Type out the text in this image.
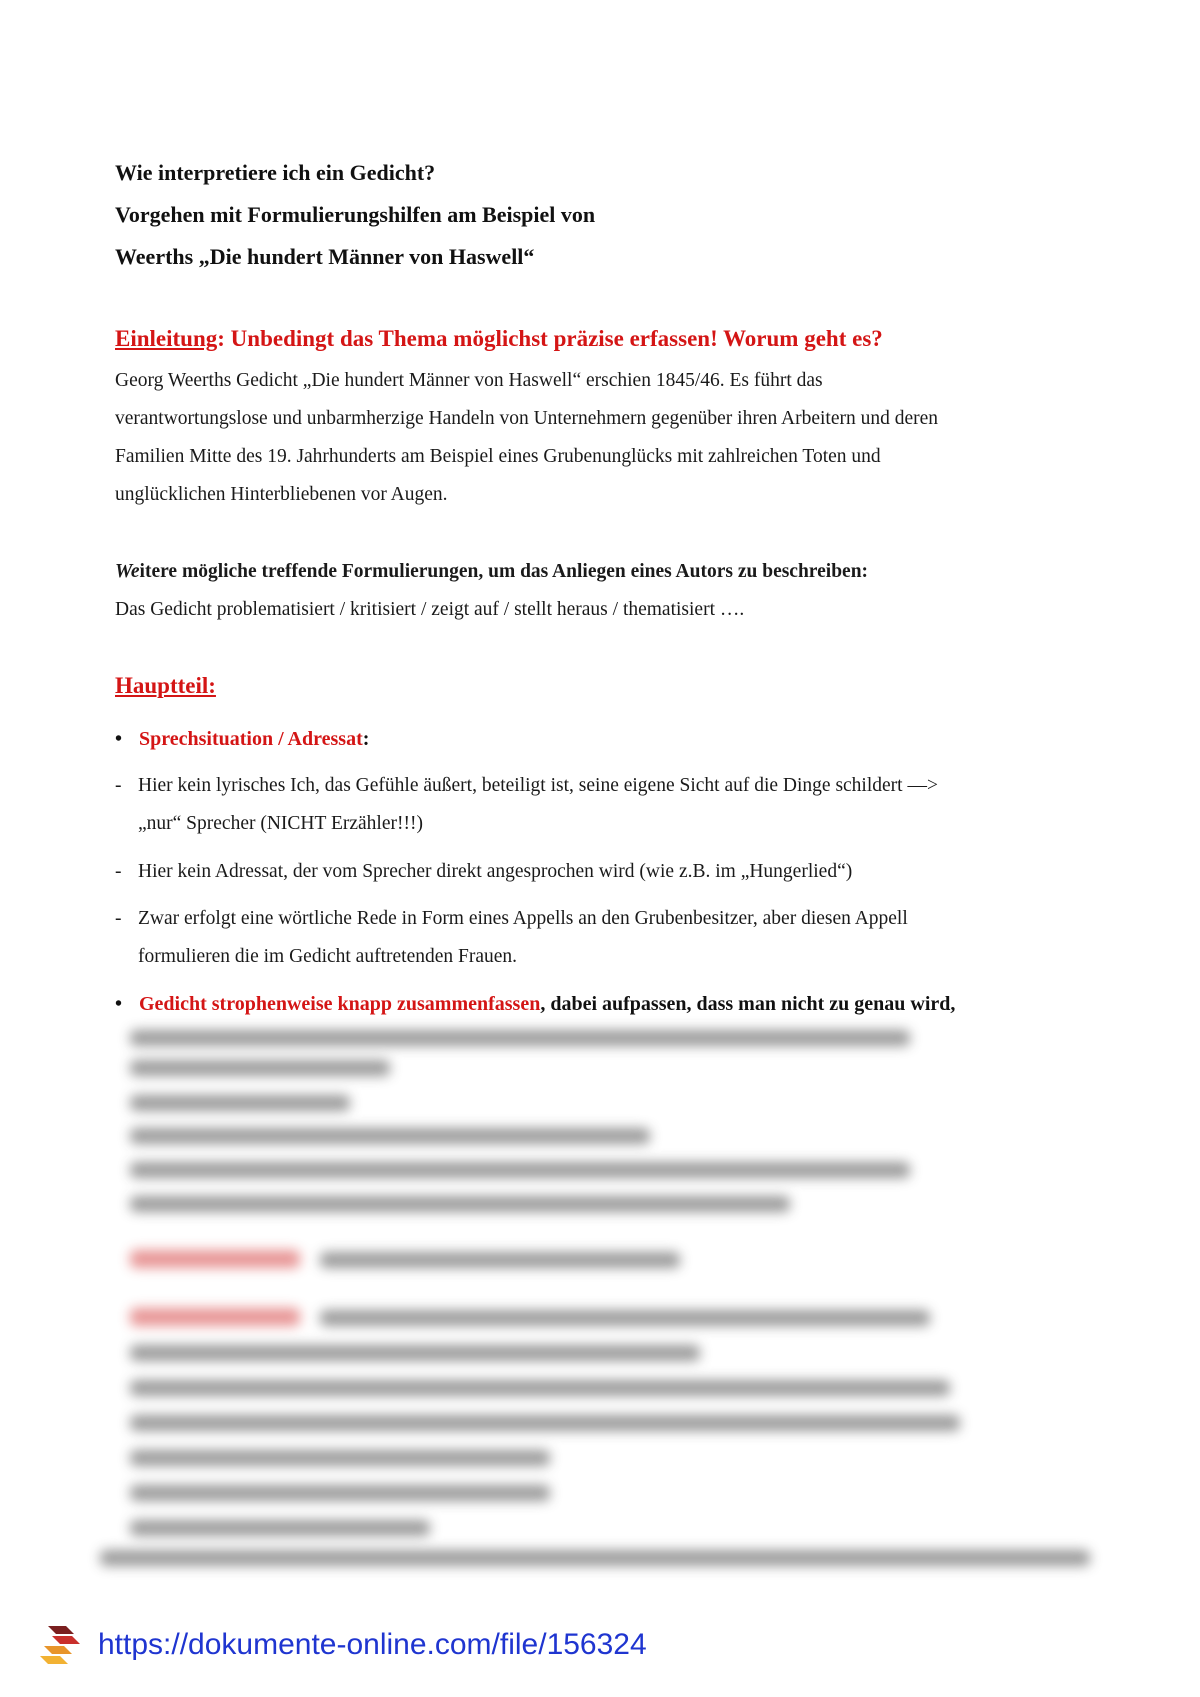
Wie interpretiere ich ein Gedicht?

Vorgehen mit Formulierungshilfen am Beispiel von

Weerths „Die hundert Männer von Haswell“

Einleitung: Unbedingt das Thema möglichst präzise erfassen! Worum geht es?

Georg Weerths Gedicht „Die hundert Männer von Haswell“ erschien 1845/46. Es führt das
verantwortungslose und unbarmherzige Handeln von Unternehmern gegenüber ihren Arbeitern und deren
Familien Mitte des 19. Jahrhunderts am Beispiel eines Grubenunglücks mit zahlreichen Toten und
unglücklichen Hinterbliebenen vor Augen.
Weitere mögliche treffende Formulierungen, um das Anliegen eines Autors zu beschreiben:
Das Gedicht problematisiert / kritisiert / zeigt auf / stellt heraus / thematisiert ….

Hauptteil:

• Sprechsituation / Adressat:

- Hier kein lyrisches Ich, das Gefühle äußert, beteiligt ist, seine eigene Sicht auf die Dinge schildert —>
„nur“ Sprecher (NICHT Erzähler!!!)
- Hier kein Adressat, der vom Sprecher direkt angesprochen wird (wie z.B. im „Hungerlied“)
- Zwar erfolgt eine wörtliche Rede in Form eines Appells an den Grubenbesitzer, aber diesen Appell
formulieren die im Gedicht auftretenden Frauen.

• Gedicht strophenweise knapp zusammenfassen, dabei aufpassen, dass man nicht zu genau wird,

https://dokumente-online.com/file/156324
